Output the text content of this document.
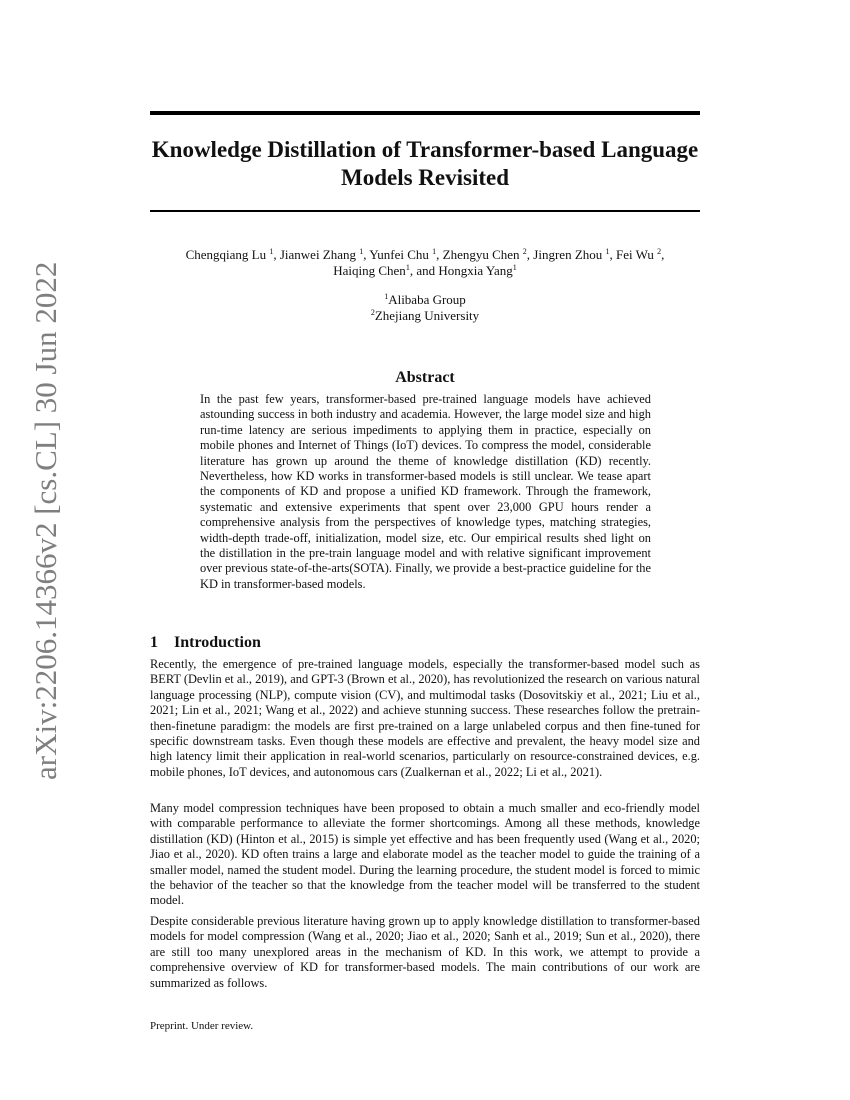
arXiv:2206.14366v2 [cs.CL] 30 Jun 2022
Knowledge Distillation of Transformer-based Language Models Revisited
Chengqiang Lu $^1$, Jianwei Zhang $^1$, Yunfei Chu $^1$, Zhengyu Chen $^2$, Jingren Zhou $^1$, Fei Wu $^2$,
Haiqing Chen$^1$, and Hongxia Yang$^1$
$^1$Alibaba Group
$^2$Zhejiang University
Abstract
In the past few years, transformer-based pre-trained language models have achieved astounding success in both industry and academia. However, the large model size and high run-time latency are serious impediments to applying them in practice, especially on mobile phones and Internet of Things (IoT) devices. To compress the model, considerable literature has grown up around the theme of knowledge distillation (KD) recently. Nevertheless, how KD works in transformer-based models is still unclear. We tease apart the components of KD and propose a unified KD framework. Through the framework, systematic and extensive experiments that spent over 23,000 GPU hours render a comprehensive analysis from the perspectives of knowledge types, matching strategies, width-depth trade-off, initialization, model size, etc. Our empirical results shed light on the distillation in the pre-train language model and with relative significant improvement over previous state-of-the-arts(SOTA). Finally, we provide a best-practice guideline for the KD in transformer-based models.
1 Introduction
Recently, the emergence of pre-trained language models, especially the transformer-based model such as BERT (Devlin et al., 2019), and GPT-3 (Brown et al., 2020), has revolutionized the research on various natural language processing (NLP), compute vision (CV), and multimodal tasks (Dosovitskiy et al., 2021; Liu et al., 2021; Lin et al., 2021; Wang et al., 2022) and achieve stunning success. These researches follow the pretrain-then-finetune paradigm: the models are first pre-trained on a large unlabeled corpus and then fine-tuned for specific downstream tasks. Even though these models are effective and prevalent, the heavy model size and high latency limit their application in real-world scenarios, particularly on resource-constrained devices, e.g. mobile phones, IoT devices, and autonomous cars (Zualkernan et al., 2022; Li et al., 2021).
Many model compression techniques have been proposed to obtain a much smaller and eco-friendly model with comparable performance to alleviate the former shortcomings. Among all these methods, knowledge distillation (KD) (Hinton et al., 2015) is simple yet effective and has been frequently used (Wang et al., 2020; Jiao et al., 2020). KD often trains a large and elaborate model as the teacher model to guide the training of a smaller model, named the student model. During the learning procedure, the student model is forced to mimic the behavior of the teacher so that the knowledge from the teacher model will be transferred to the student model.
Despite considerable previous literature having grown up to apply knowledge distillation to transformer-based models for model compression (Wang et al., 2020; Jiao et al., 2020; Sanh et al., 2019; Sun et al., 2020), there are still too many unexplored areas in the mechanism of KD. In this work, we attempt to provide a comprehensive overview of KD for transformer-based models. The main contributions of our work are summarized as follows.
Preprint. Under review.
